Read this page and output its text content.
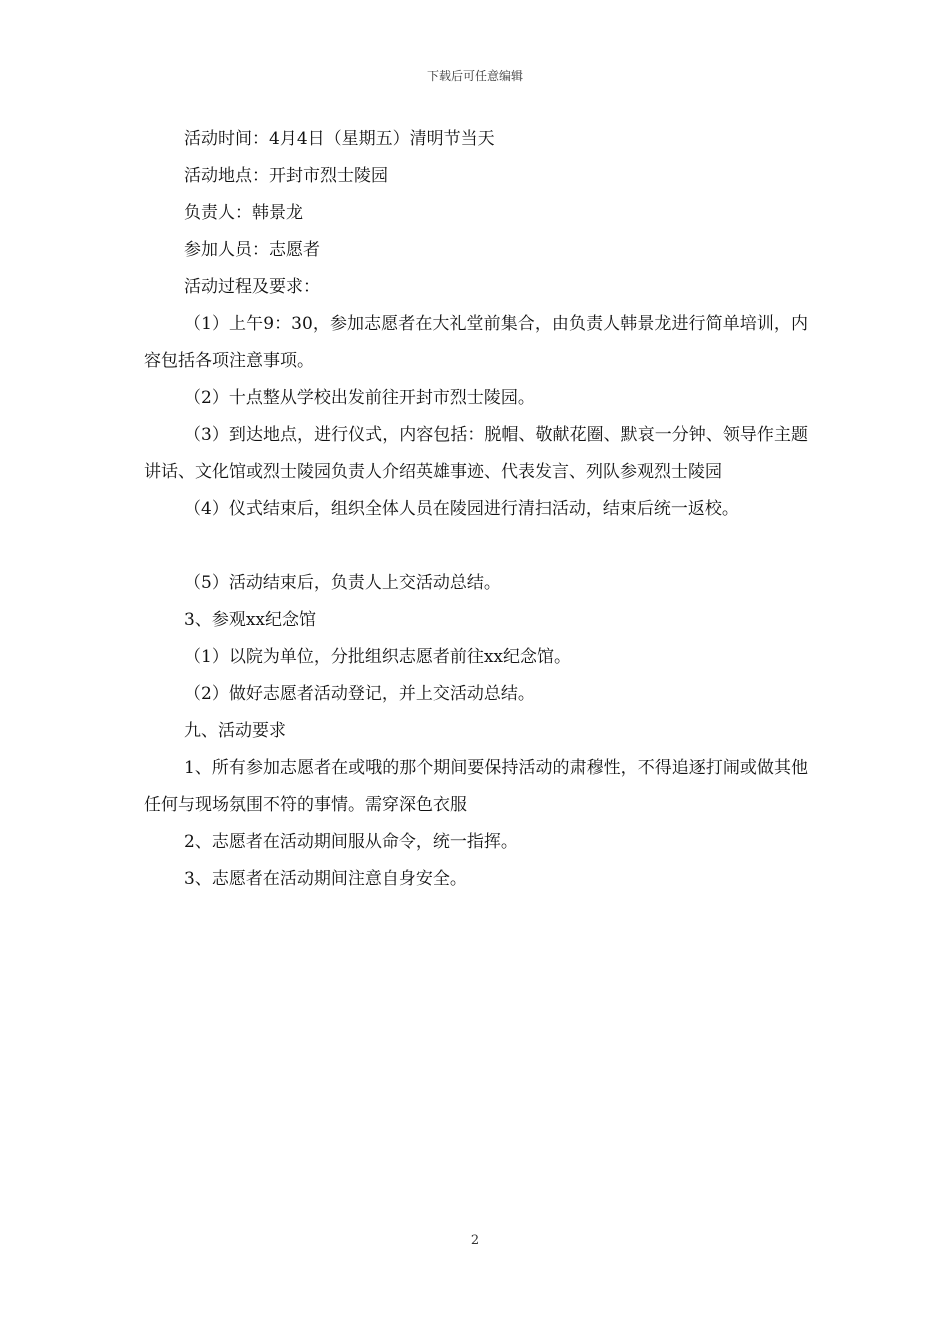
下载后可任意编辑

活动时间：4月4日（星期五）清明节当天

活动地点：开封市烈士陵园

负责人：韩景龙

参加人员：志愿者

活动过程及要求：

（1）上午9：30，参加志愿者在大礼堂前集合，由负责人韩景龙进行简单培训，内容包括各项注意事项。

（2）十点整从学校出发前往开封市烈士陵园。

（3）到达地点，进行仪式，内容包括：脱帽、敬献花圈、默哀一分钟、领导作主题讲话、文化馆或烈士陵园负责人介绍英雄事迹、代表发言、列队参观烈士陵园

（4）仪式结束后，组织全体人员在陵园进行清扫活动，结束后统一返校。

（5）活动结束后，负责人上交活动总结。

3、参观xx纪念馆

（1）以院为单位，分批组织志愿者前往xx纪念馆。

（2）做好志愿者活动登记，并上交活动总结。

九、活动要求

1、所有参加志愿者在或哦的那个期间要保持活动的肃穆性，不得追逐打闹或做其他任何与现场氛围不符的事情。需穿深色衣服

2、志愿者在活动期间服从命令，统一指挥。

3、志愿者在活动期间注意自身安全。

2
